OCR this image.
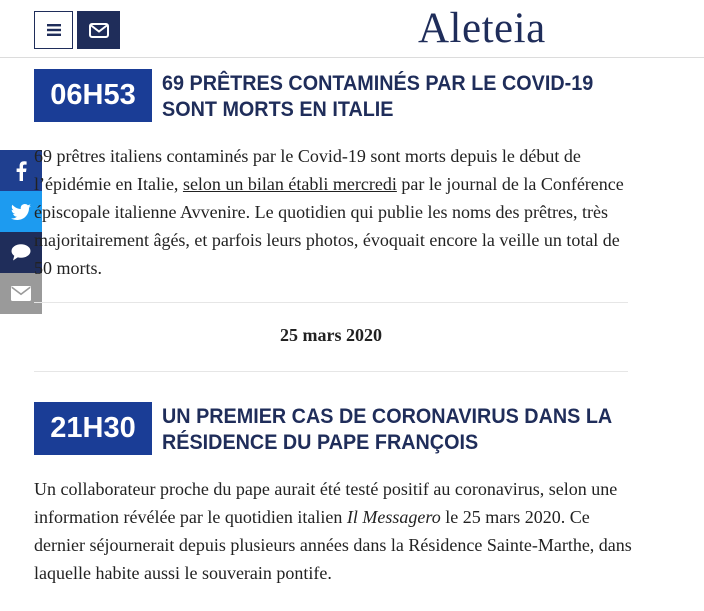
Aleteia
06H53	69 PRÊTRES CONTAMINÉS PAR LE COVID-19 SONT MORTS EN ITALIE
69 prêtres italiens contaminés par le Covid-19 sont morts depuis le début de l’épidémie en Italie, selon un bilan établi mercredi par le journal de la Conférence épiscopale italienne Avvenire. Le quotidien qui publie les noms des prêtres, très majoritairement âgés, et parfois leurs photos, évoquait encore la veille un total de 50 morts.
25 mars 2020
21H30	UN PREMIER CAS DE CORONAVIRUS DANS LA RÉSIDENCE DU PAPE FRANÇOIS
Un collaborateur proche du pape aurait été testé positif au coronavirus, selon une information révélée par le quotidien italien Il Messagero le 25 mars 2020. Ce dernier séjournerait depuis plusieurs années dans la Résidence Sainte-Marthe, dans laquelle habite aussi le souverain pontife.
